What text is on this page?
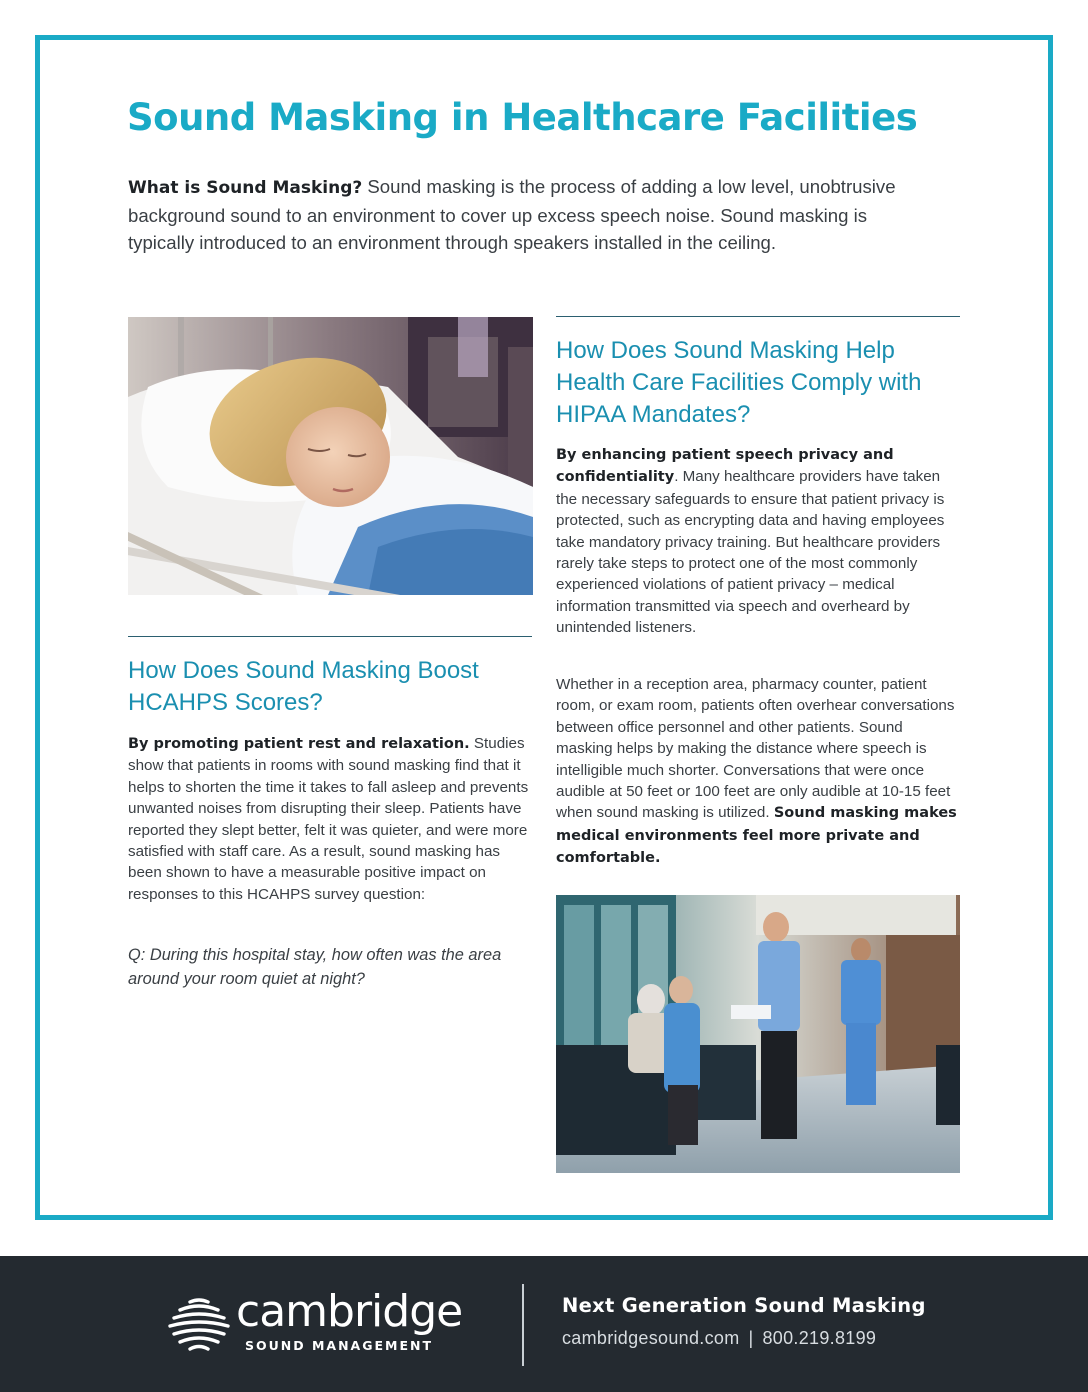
Sound Masking in Healthcare Facilities

What is Sound Masking? Sound masking is the process of adding a low level, unobtrusive background sound to an environment to cover up excess speech noise. Sound masking is typically introduced to an environment through speakers installed in the ceiling.

How Does Sound Masking Boost HCAHPS Scores?

By promoting patient rest and relaxation. Studies show that patients in rooms with sound masking find that it helps to shorten the time it takes to fall asleep and prevents unwanted noises from disrupting their sleep. Patients have reported they slept better, felt it was quieter, and were more satisfied with staff care. As a result, sound masking has been shown to have a measurable positive impact on responses to this HCAHPS survey question:

Q: During this hospital stay, how often was the area around your room quiet at night?

How Does Sound Masking Help Health Care Facilities Comply with HIPAA Mandates?

By enhancing patient speech privacy and confidentiality. Many healthcare providers have taken the necessary safeguards to ensure that patient privacy is protected, such as encrypting data and having employees take mandatory privacy training. But healthcare providers rarely take steps to protect one of the most commonly experienced violations of patient privacy – medical information transmitted via speech and overheard by unintended listeners.

Whether in a reception area, pharmacy counter, patient room, or exam room, patients often overhear conversations between office personnel and other patients. Sound masking helps by making the distance where speech is intelligible much shorter. Conversations that were once audible at 50 feet or 100 feet are only audible at 10-15 feet when sound masking is utilized. Sound masking makes medical environments feel more private and comfortable.

cambridge

SOUND MANAGEMENT

Next Generation Sound Masking

cambridgesound.com | 800.219.8199
